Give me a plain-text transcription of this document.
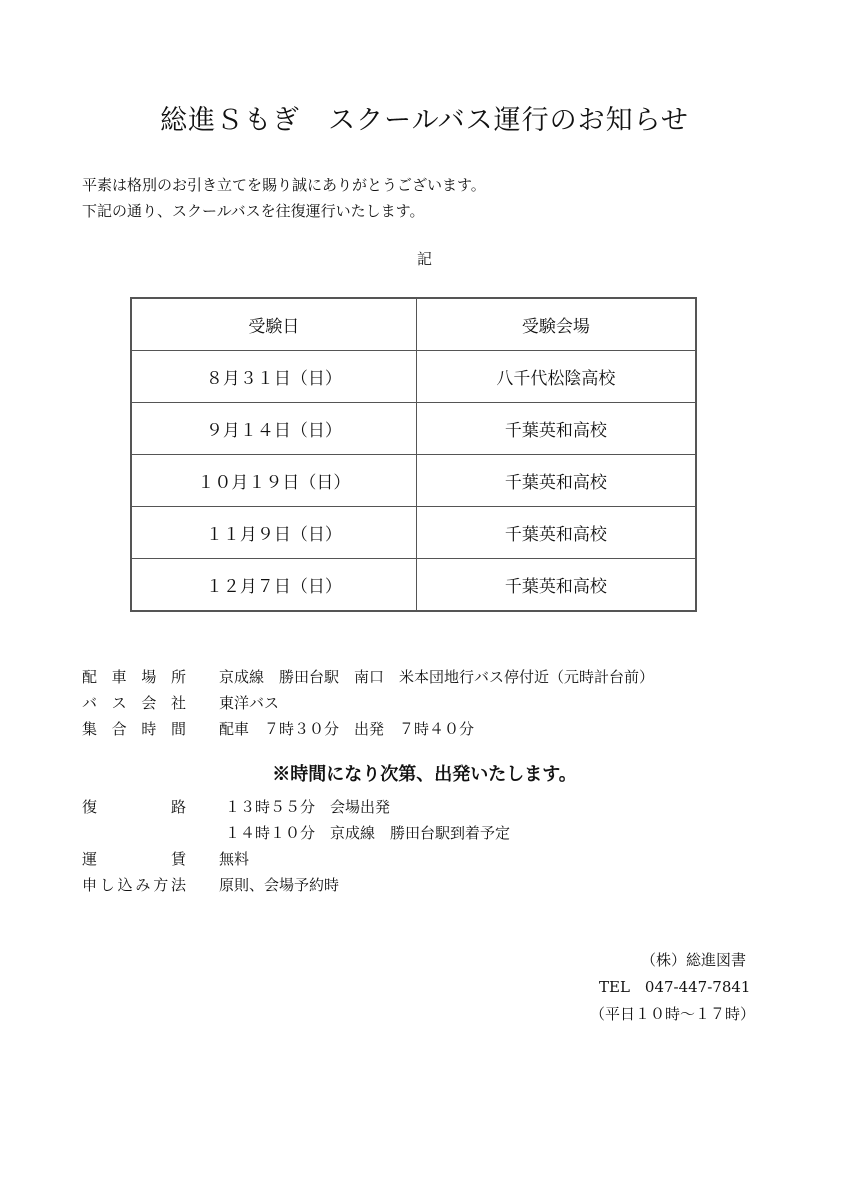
総進Ｓもぎ　スクールバス運行のお知らせ
平素は格別のお引き立てを賜り誠にありがとうございます。
下記の通り、スクールバスを往復運行いたします。
記
受験日	受験会場
８月３１日（日）	八千代松陰高校
９月１４日（日）	千葉英和高校
１０月１９日（日）	千葉英和高校
１１月９日（日）	千葉英和高校
１２月７日（日）	千葉英和高校
配車場所 京成線　勝田台駅　南口　米本団地行バス停付近（元時計台前）
バス会社 東洋バス
集合時間 配車　７時３０分　出発　７時４０分
※時間になり次第、出発いたします。
復路	１３時５５分　会場出発
１４時１０分　京成線　勝田台駅到着予定
運賃 無料
申し込み方法 原則、会場予約時
（株）総進図書
TEL　047-447-7841
（平日１０時～１７時）
